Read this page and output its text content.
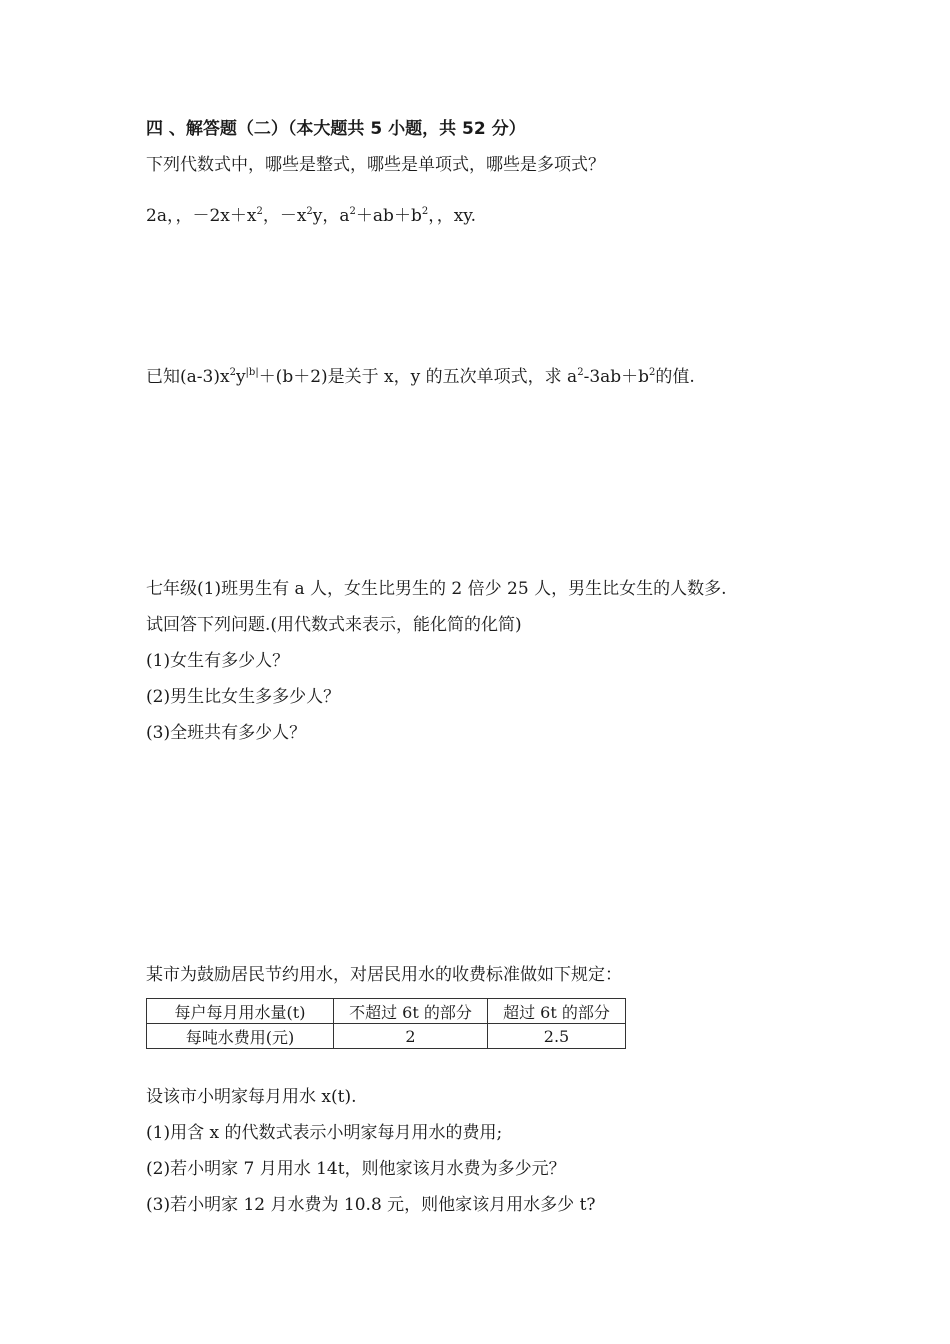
四 、解答题（二）（本大题共 5 小题，共 52 分）
下列代数式中，哪些是整式，哪些是单项式，哪些是多项式？
2a，，$-2x+x^2$，$-x^2y$，$a^2+ab+b^2$，，xy.
已知$(a-3)x^2y^{|b|}+(b+2)$是关于 x，y 的五次单项式，求 $a^2-3ab+b^2$的值.
七年级(1)班男生有 a 人，女生比男生的 2 倍少 25 人，男生比女生的人数多.
试回答下列问题.(用代数式来表示，能化简的化简)
(1)女生有多少人？
(2)男生比女生多多少人？
(3)全班共有多少人？
某市为鼓励居民节约用水，对居民用水的收费标准做如下规定：
每户每月用水量(t)	不超过 6t 的部分	超过 6t 的部分
每吨水费用(元)	2	2.5
设该市小明家每月用水 x(t).
(1)用含 x 的代数式表示小明家每月用水的费用;
(2)若小明家 7 月用水 14t，则他家该月水费为多少元？
(3)若小明家 12 月水费为 10.8 元，则他家该月用水多少 t?
